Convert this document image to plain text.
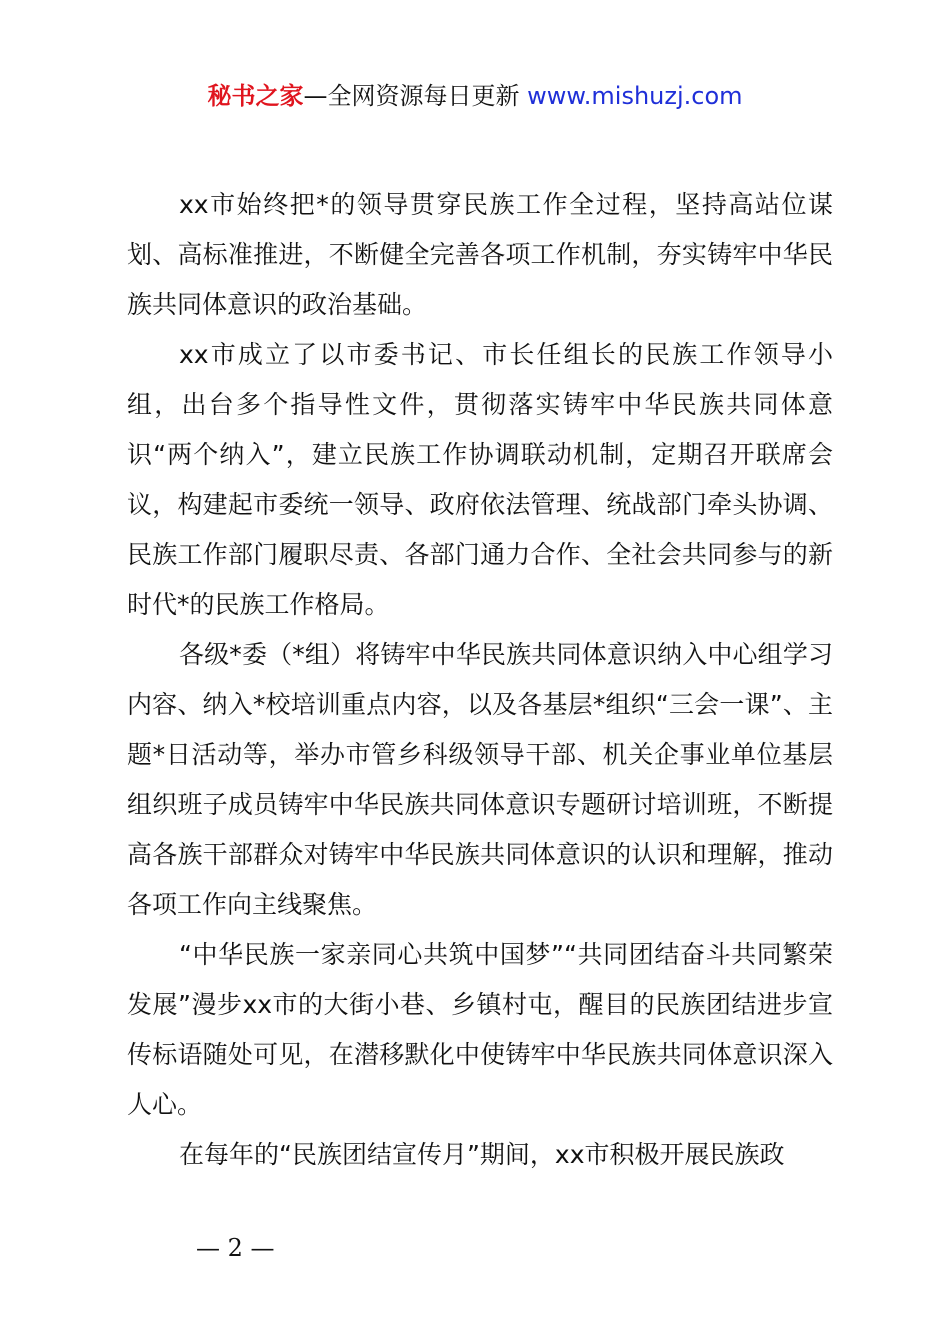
秘书之家—全网资源每日更新 www.mishuzj.com

xx市始终把*的领导贯穿民族工作全过程，坚持高站位谋划、高标准推进，不断健全完善各项工作机制，夯实铸牢中华民族共同体意识的政治基础。

xx市成立了以市委书记、市长任组长的民族工作领导小组，出台多个指导性文件，贯彻落实铸牢中华民族共同体意识“两个纳入”，建立民族工作协调联动机制，定期召开联席会议，构建起市委统一领导、政府依法管理、统战部门牵头协调、民族工作部门履职尽责、各部门通力合作、全社会共同参与的新时代*的民族工作格局。

各级*委（*组）将铸牢中华民族共同体意识纳入中心组学习内容、纳入*校培训重点内容，以及各基层*组织“三会一课”、主题*日活动等，举办市管乡科级领导干部、机关企事业单位基层组织班子成员铸牢中华民族共同体意识专题研讨培训班，不断提高各族干部群众对铸牢中华民族共同体意识的认识和理解，推动各项工作向主线聚焦。

“中华民族一家亲同心共筑中国梦”“共同团结奋斗共同繁荣发展”漫步xx市的大街小巷、乡镇村屯，醒目的民族团结进步宣传标语随处可见，在潜移默化中使铸牢中华民族共同体意识深入人心。

在每年的“民族团结宣传月”期间，xx市积极开展民族政

— 2 —
